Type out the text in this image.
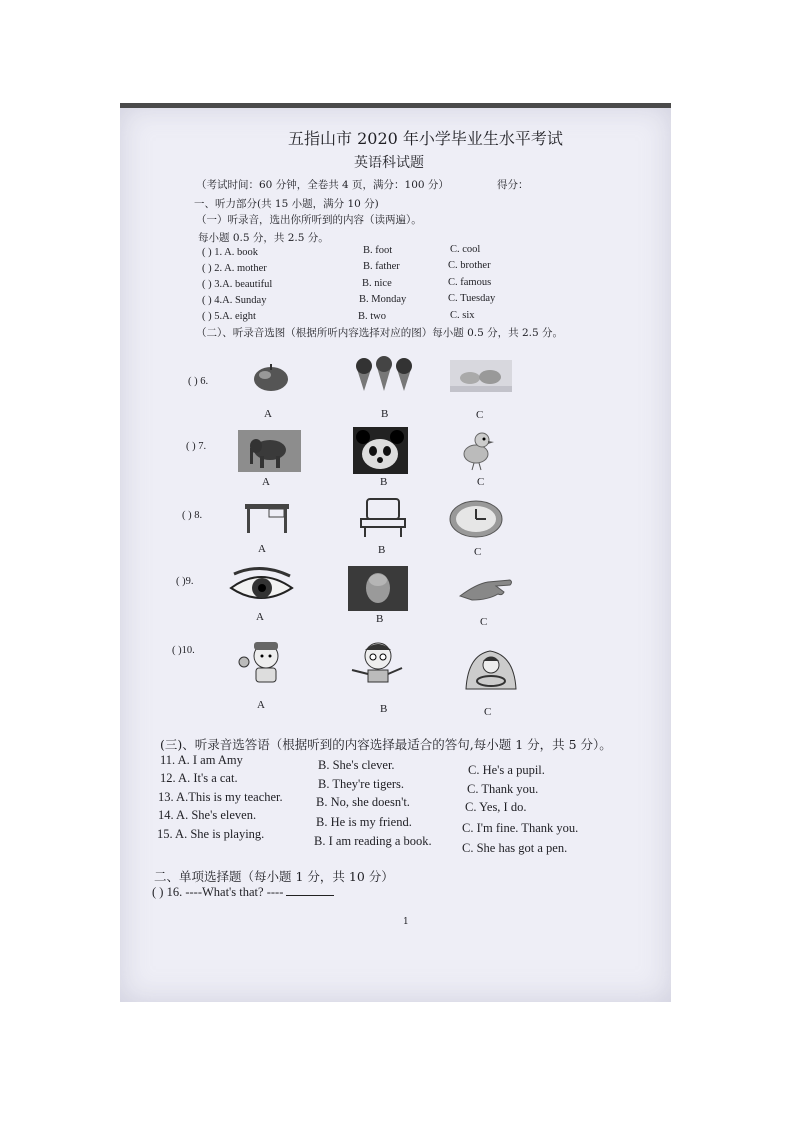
五指山市 2020 年小学毕业生水平考试
英语科试题
（考试时间：60 分钟，全卷共 4 页，满分：100 分）	得分：
一、听力部分(共 15 小题，满分 10 分)
（一）听录音，选出你所听到的内容（读两遍）。
每小题 0.5 分，共 2.5 分。
( ) 1. A. book	B. foot	C. cool
( ) 2. A. mother	B. father	C. brother
( ) 3.A. beautiful	B. nice	C. famous
( ) 4.A. Sunday	B. Monday	C. Tuesday
( ) 5.A. eight	B. two	C. six
（二）、听录音选图（根据所听内容选择对应的图）每小题 0.5 分，共 2.5 分。
( ) 6.
A	B	C
( ) 7.
A	B	C
( ) 8.
A	B	C
( )9.
A	B	C
( )10.
A	B	C
(三)、听录音选答语（根据听到的内容选择最适合的答句,每小题 1 分，共 5 分）。
11. A. I am Amy	B. She's clever.	C. He's a pupil.
12. A. It's a cat.	B. They're tigers.	C. Thank you.
13. A.This is my teacher.	B. No, she doesn't.	C. Yes, I do.
14. A. She's eleven.	B. He is my friend.	C. I'm fine. Thank you.
15. A. She is playing.	B. I am reading a book. C. She has got a pen.
二、单项选择题（每小题 1 分，共 10 分）
( ) 16. ----What's that? ----
1
